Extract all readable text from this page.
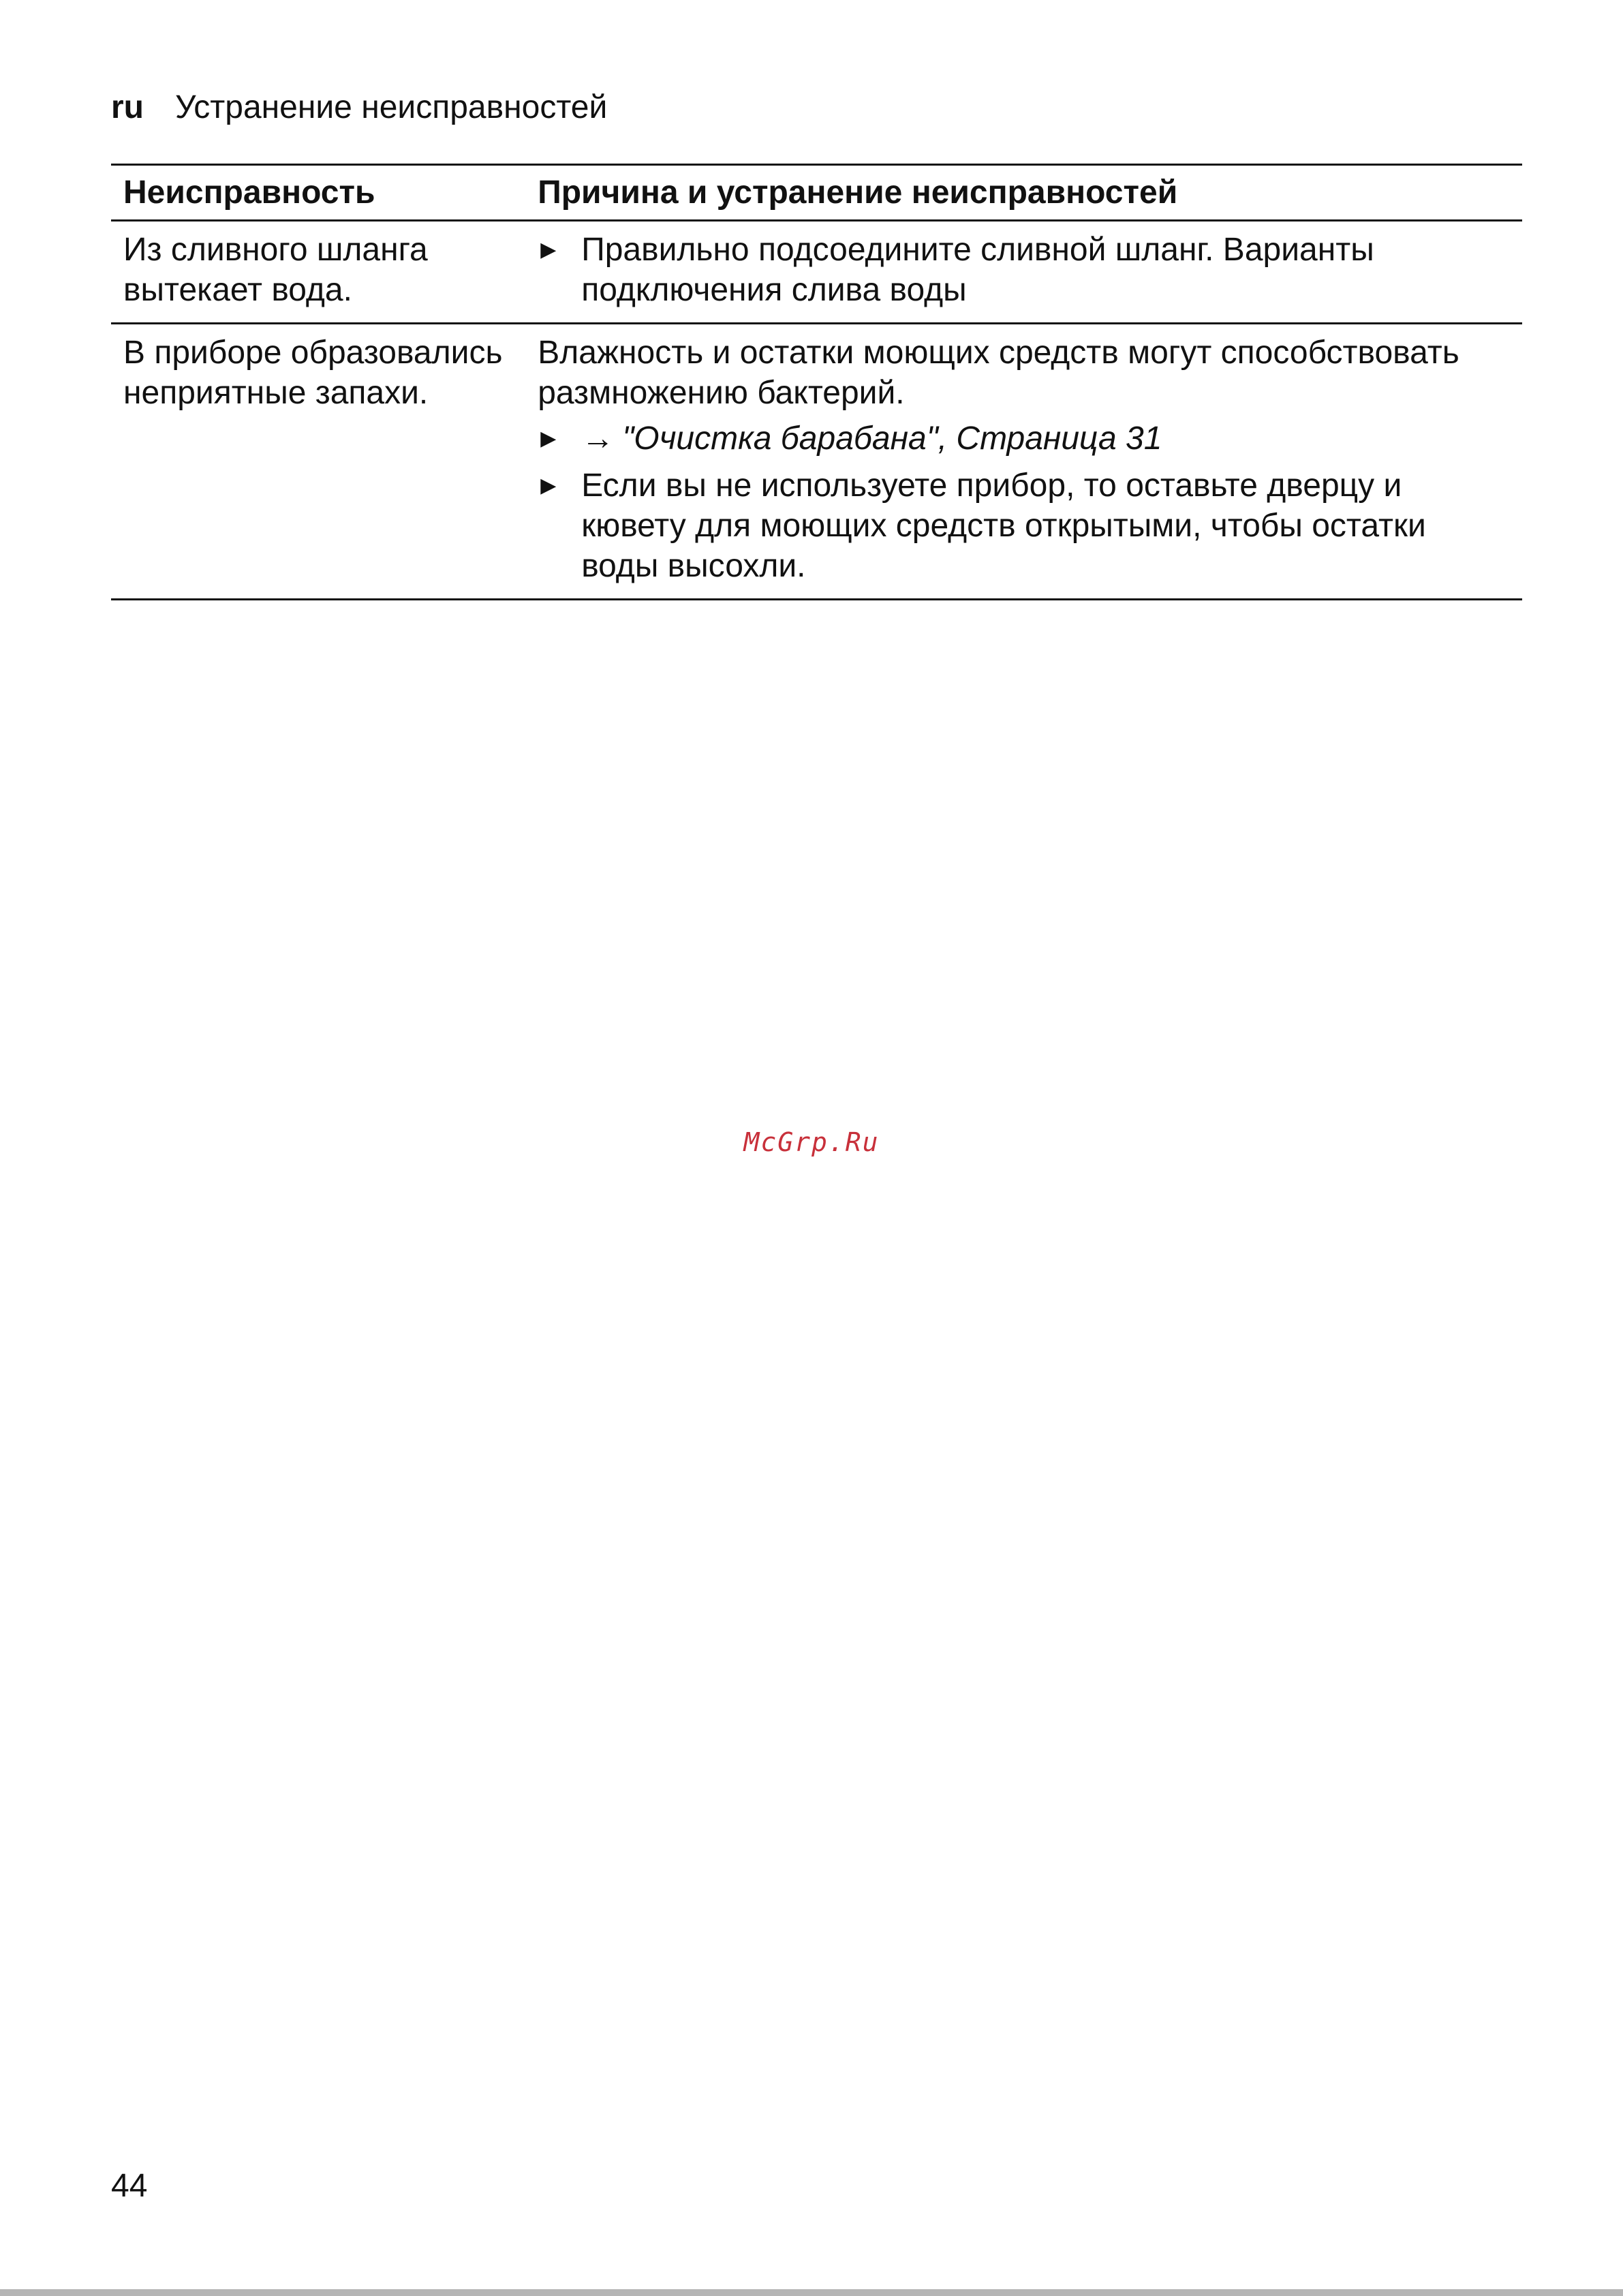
ru Устранение неисправностей
Неисправность	Причина и устранение неисправностей
Из сливного шланга вытекает вода.	▶ Правильно подсоедините сливной шланг. Варианты подключения слива воды

В приборе образовались неприятные запахи.	Влажность и остатки моющих средств могут способствовать размножению бактерий.

▶ → "Очистка барабана", Страница 31

▶ Если вы не используете прибор, то оставьте дверцу и кювету для моющих средств открытыми, чтобы остатки воды высохли.

McGrp.Ru
44
